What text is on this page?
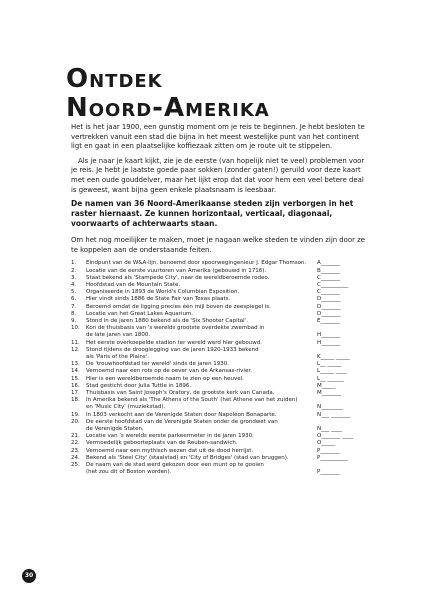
Ontdek
Noord-Amerika

Het is het jaar 1900, een gunstig moment om je reis te beginnen. Je hebt besloten te vertrekken vanuit een stad die bijna in het meest westelijke punt van het continent ligt en gaat in een plaatselijke koffiezaak zitten om je route uit te stippelen.

Als je naar je kaart kijkt, zie je de eerste (van hopelijk niet te veel) problemen voor je reis. Je hebt je laatste goede paar sokken (zonder gaten!) geruild voor deze kaart met een oude gouddelver, maar het lijkt erop dat dat voor hem een veel betere deal is geweest, want bijna geen enkele plaatsnaam is leesbaar.

De namen van 36 Noord-Amerikaanse steden zijn verborgen in het raster hiernaast. Ze kunnen horizontaal, verticaal, diagonaal, voorwaarts of achterwaarts staan.

Om het nog moeilijker te maken, moet je nagaan welke steden te vinden zijn door ze te koppelen aan de onderstaande feiten.

1.	Eindpunt van de W&A-lijn, benoemd door spoorwegingenieur J. Edgar Thomson.	A_______
2.	Locatie van de eerste vuurtoren van Amerika (gebouwd in 1716).	B_______
3.	Staat bekend als 'Stampede City', naar de wereldberoemde rodeo.	C_______
4.	Hoofdstad van de Mountain State.	C__________
5.	Organiseerde in 1893 de World's Columbian Exposition.	C_______
6.	Hier vindt sinds 1886 de State Fair van Texas plaats.	D_______
7.	Beroemd omdat de ligging precies één mijl boven de zeespiegel is.	D_______
8.	Locatie van het Great Lakes Aquarium.	D_______
9.	Stond in de jaren 1880 bekend als de 'Six Shooter Capital'.	E_______
10.	Kon de thuisbasis van 's werelds grootste overdekte zwembad in
de late jaren van 1800.	H_______
11.	Het eerste overkoepelde stadion ter wereld werd hier gebouwd.	H_______
12.	Stond tijdens de drooglegging van de jaren 1920-1933 bekend
als 'Paris of the Plains'.	K_____ _____
13.	De 'trouwhoofdstad ter wereld' sinds de jaren 1930.	L__ _____
14.	Vernoemd naar een rots op de oever van de Arkansas-rivier.	L_____ ____
15.	Hier is een wereldberoemde naam te zien op een heuvel.	L__ ______
16.	Stad gesticht door Julia Tuttle in 1896.	M_____
17.	Thuisbasis van Saint Joseph's Oratory, de grootste kerk van Canada.	M_______
18.	In Amerika bekend als 'The Athens of the South' (het Athene van het zuiden)
en 'Music City' (muziekstad).	N________
19.	In 1803 verkocht aan de Verenigde Staten door Napoléon Bonaparte.	N___ _______
20.	De eerste hoofdstad van de Verenigde Staten onder de grondwet van
de Verenigde Staten.	N___ ____
21.	Locatie van 's werelds eerste parkeermeter in de jaren 1930.	O_______ ____
22.	Vermoedelijk geboorteplaats van de Reuben-sandwich.	O_____
23.	Vernoemd naar een mythisch wezen dat uit de dood herrijst.	P_______
24.	Bekend als 'Steel City' (staalstad) en 'City of Bridges' (stad van bruggen).	P__________
25.	De naam van de stad werd gekozen door een munt op te gooien
(het zou dit of Boston worden).	P_______
30
